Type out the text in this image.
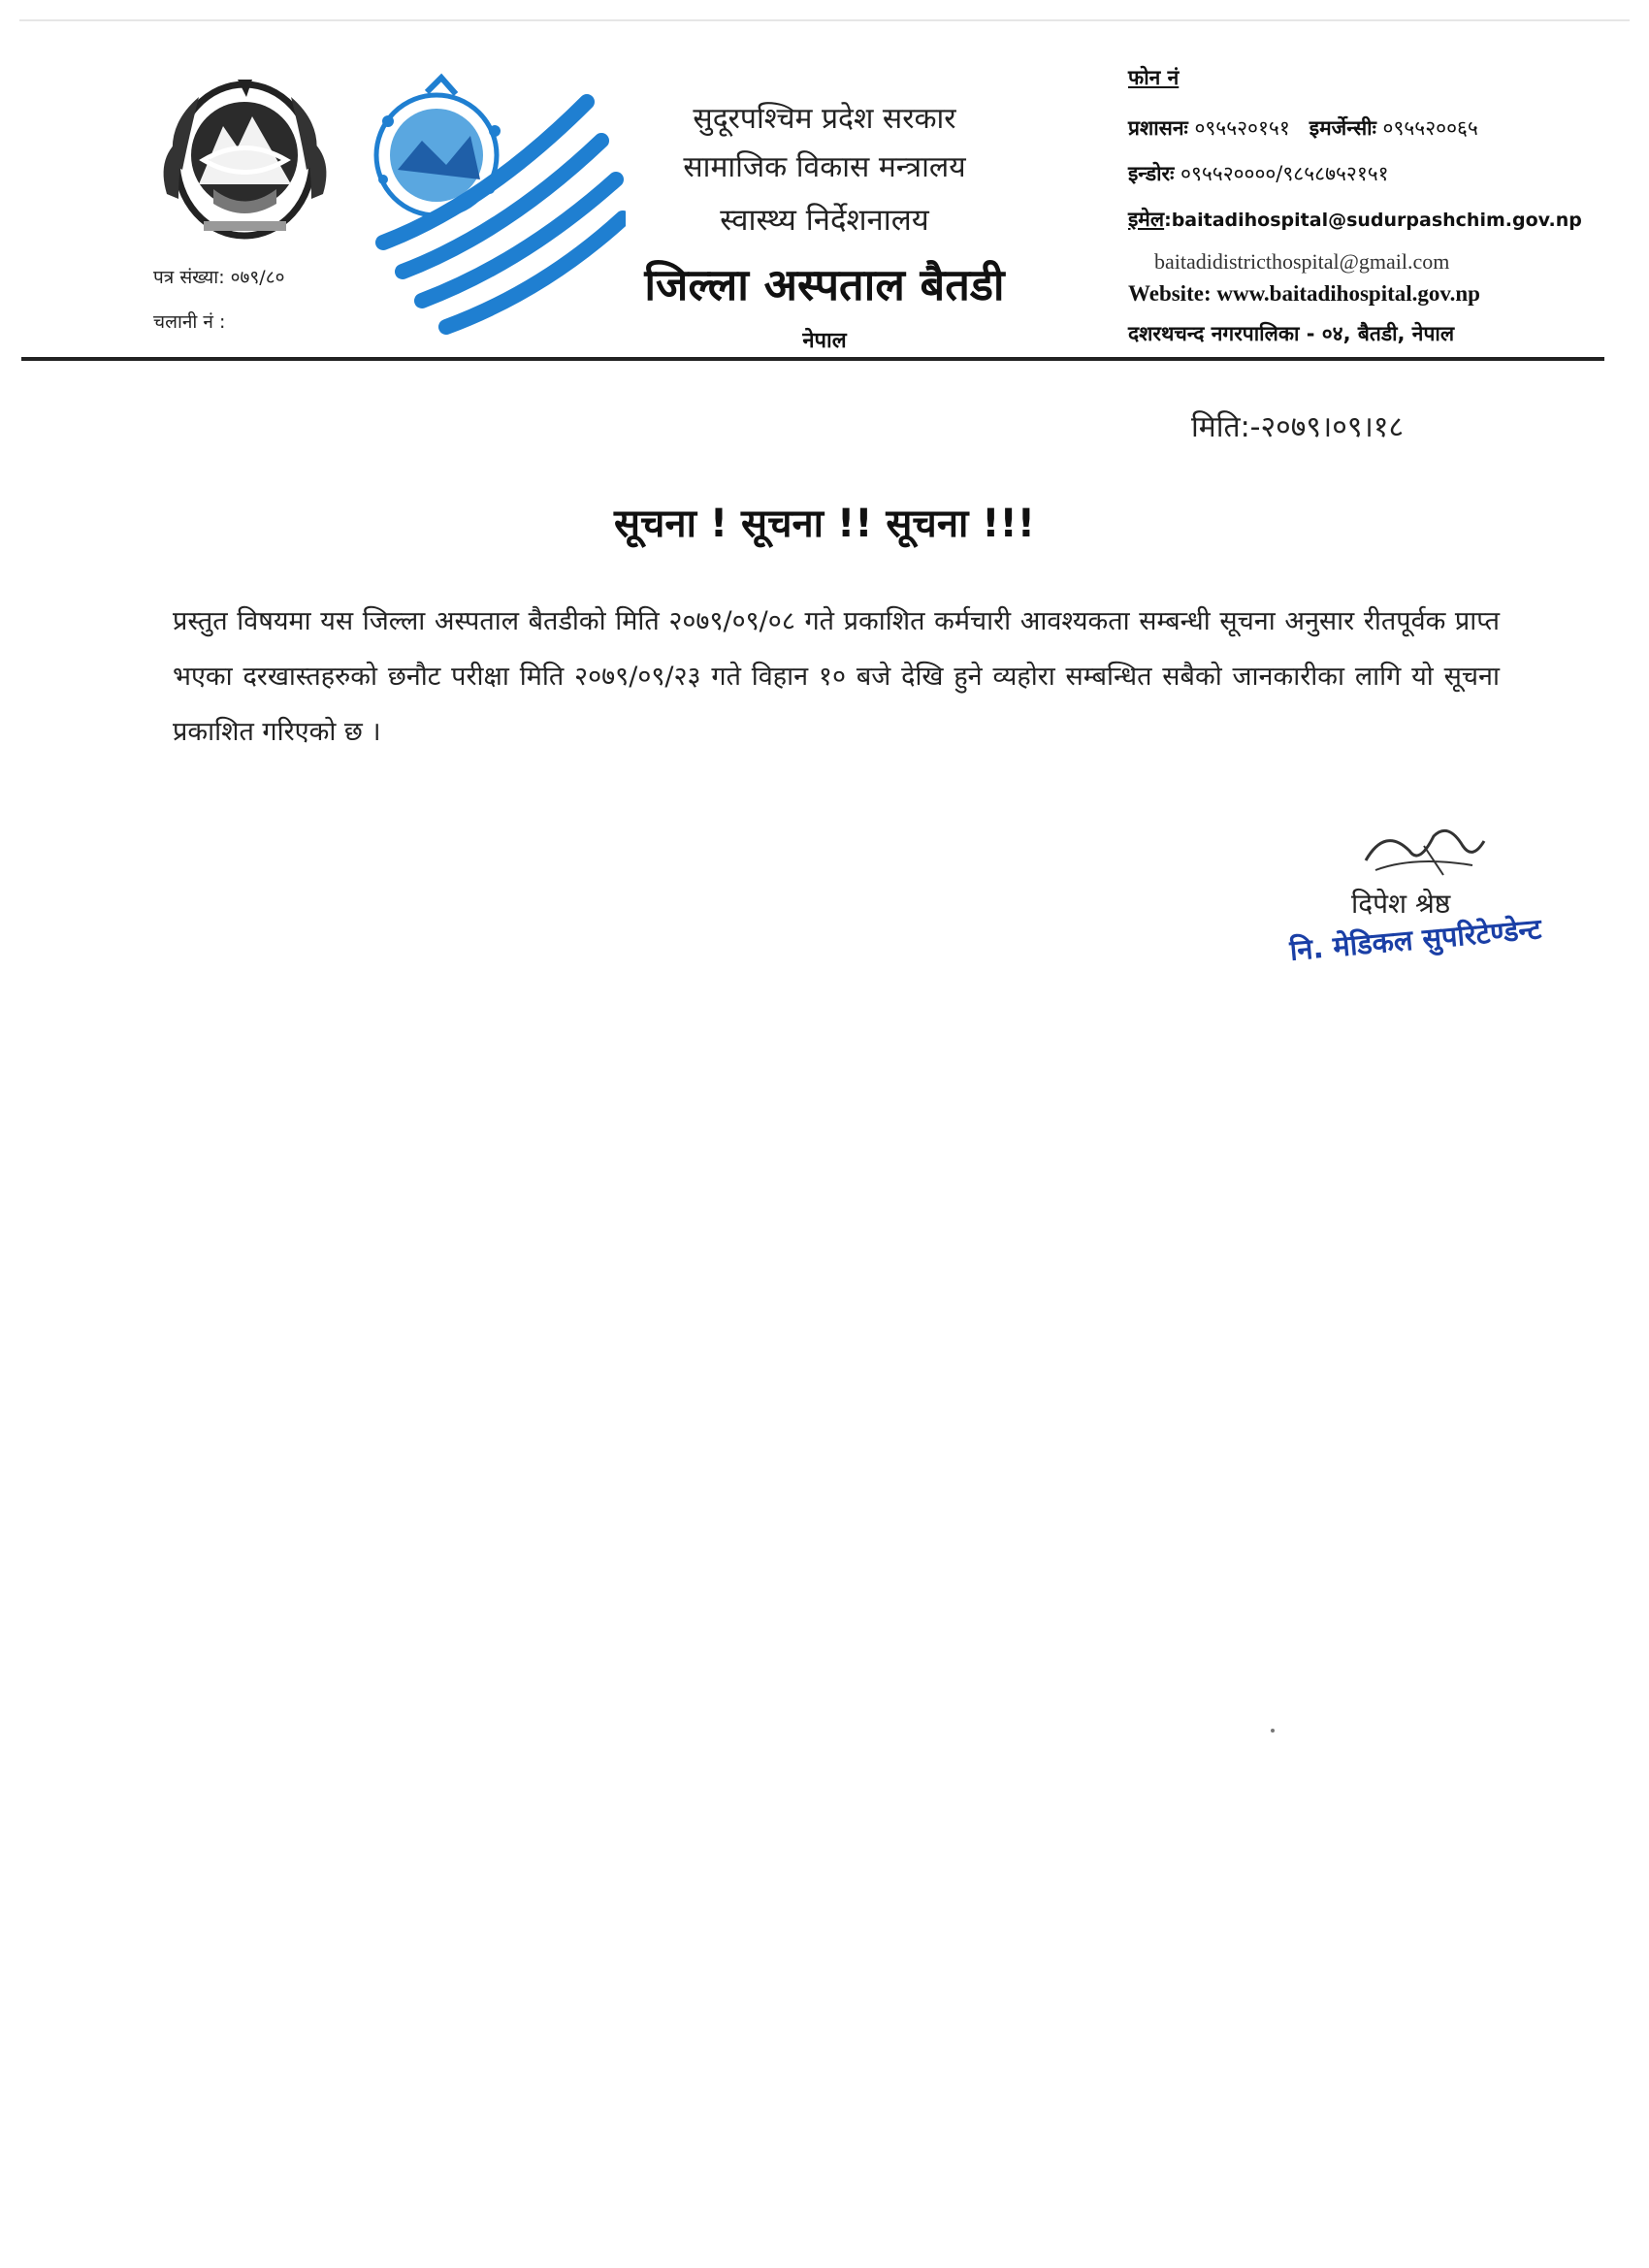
पत्र संख्या: ०७९/८०
चलानी नं :
सुदूरपश्चिम प्रदेश सरकार
सामाजिक विकास मन्त्रालय
स्वास्थ्य निर्देशनालय
जिल्ला अस्पताल बैतडी
नेपाल
फोन नं
प्रशासनः ०९५५२०१५१ इमर्जेन्सीः ०९५५२००६५
इन्डोरः ०९५५२००००/९८५८७५२१५१
इमेल:baitadihospital@sudurpashchim.gov.np
baitadidistricthospital@gmail.com
Website: www.baitadihospital.gov.np
दशरथचन्द नगरपालिका - ०४, बैतडी, नेपाल
मिति:-२०७९।०९।१८
सूचना ! सूचना !! सूचना !!!
प्रस्तुत विषयमा यस जिल्ला अस्पताल बैतडीको मिति २०७९/०९/०८ गते प्रकाशित कर्मचारी आवश्यकता सम्बन्धी सूचना अनुसार रीतपूर्वक प्राप्त भएका दरखास्तहरुको छनौट परीक्षा मिति २०७९/०९/२३ गते विहान १० बजे देखि हुने व्यहोरा सम्बन्धित सबैको जानकारीका लागि यो सूचना प्रकाशित गरिएको छ ।
दिपेश श्रेष्ठ
नि. मेडिकल सुपरिटेण्डेन्ट
